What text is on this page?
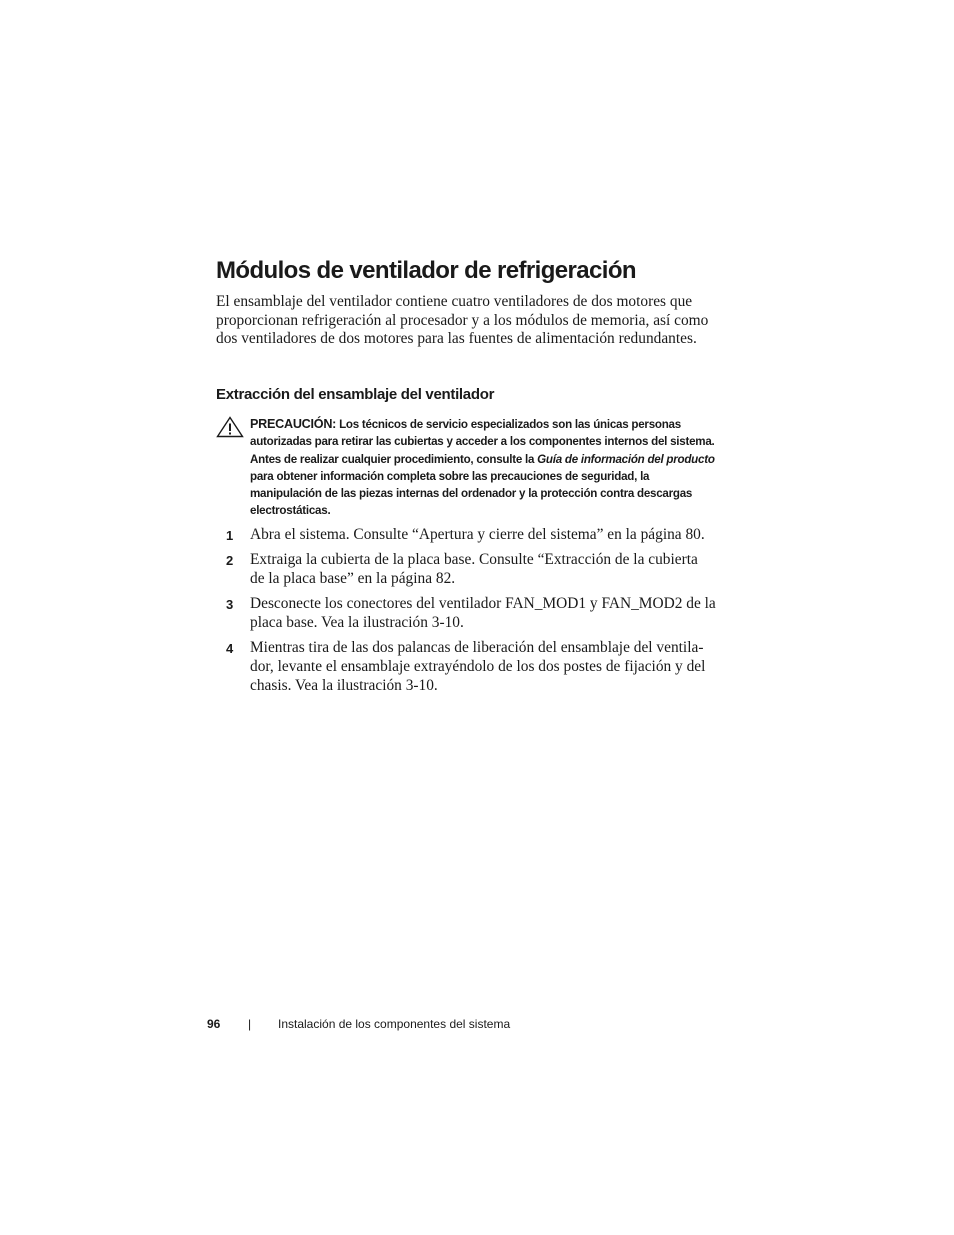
Módulos de ventilador de refrigeración

El ensamblaje del ventilador contiene cuatro ventiladores de dos motores que proporcionan refrigeración al procesador y a los módulos de memoria, así como dos ventiladores de dos motores para las fuentes de alimentación redundantes.

Extracción del ensamblaje del ventilador

PRECAUCIÓN: Los técnicos de servicio especializados son las únicas personas autorizadas para retirar las cubiertas y acceder a los componentes internos del sistema. Antes de realizar cualquier procedimiento, consulte la Guía de información del producto para obtener información completa sobre las precauciones de seguridad, la manipulación de las piezas internas del ordenador y la protección contra descargas electrostáticas.

1 Abra el sistema. Consulte “Apertura y cierre del sistema” en la página 80.
2 Extraiga la cubierta de la placa base. Consulte “Extracción de la cubierta de la placa base” en la página 82.
3 Desconecte los conectores del ventilador FAN_MOD1 y FAN_MOD2 de la placa base. Vea la ilustración 3-10.
4 Mientras tira de las dos palancas de liberación del ensamblaje del ventilador, levante el ensamblaje extrayéndolo de los dos postes de fijación y del chasis. Vea la ilustración 3-10.
96 | Instalación de los componentes del sistema
